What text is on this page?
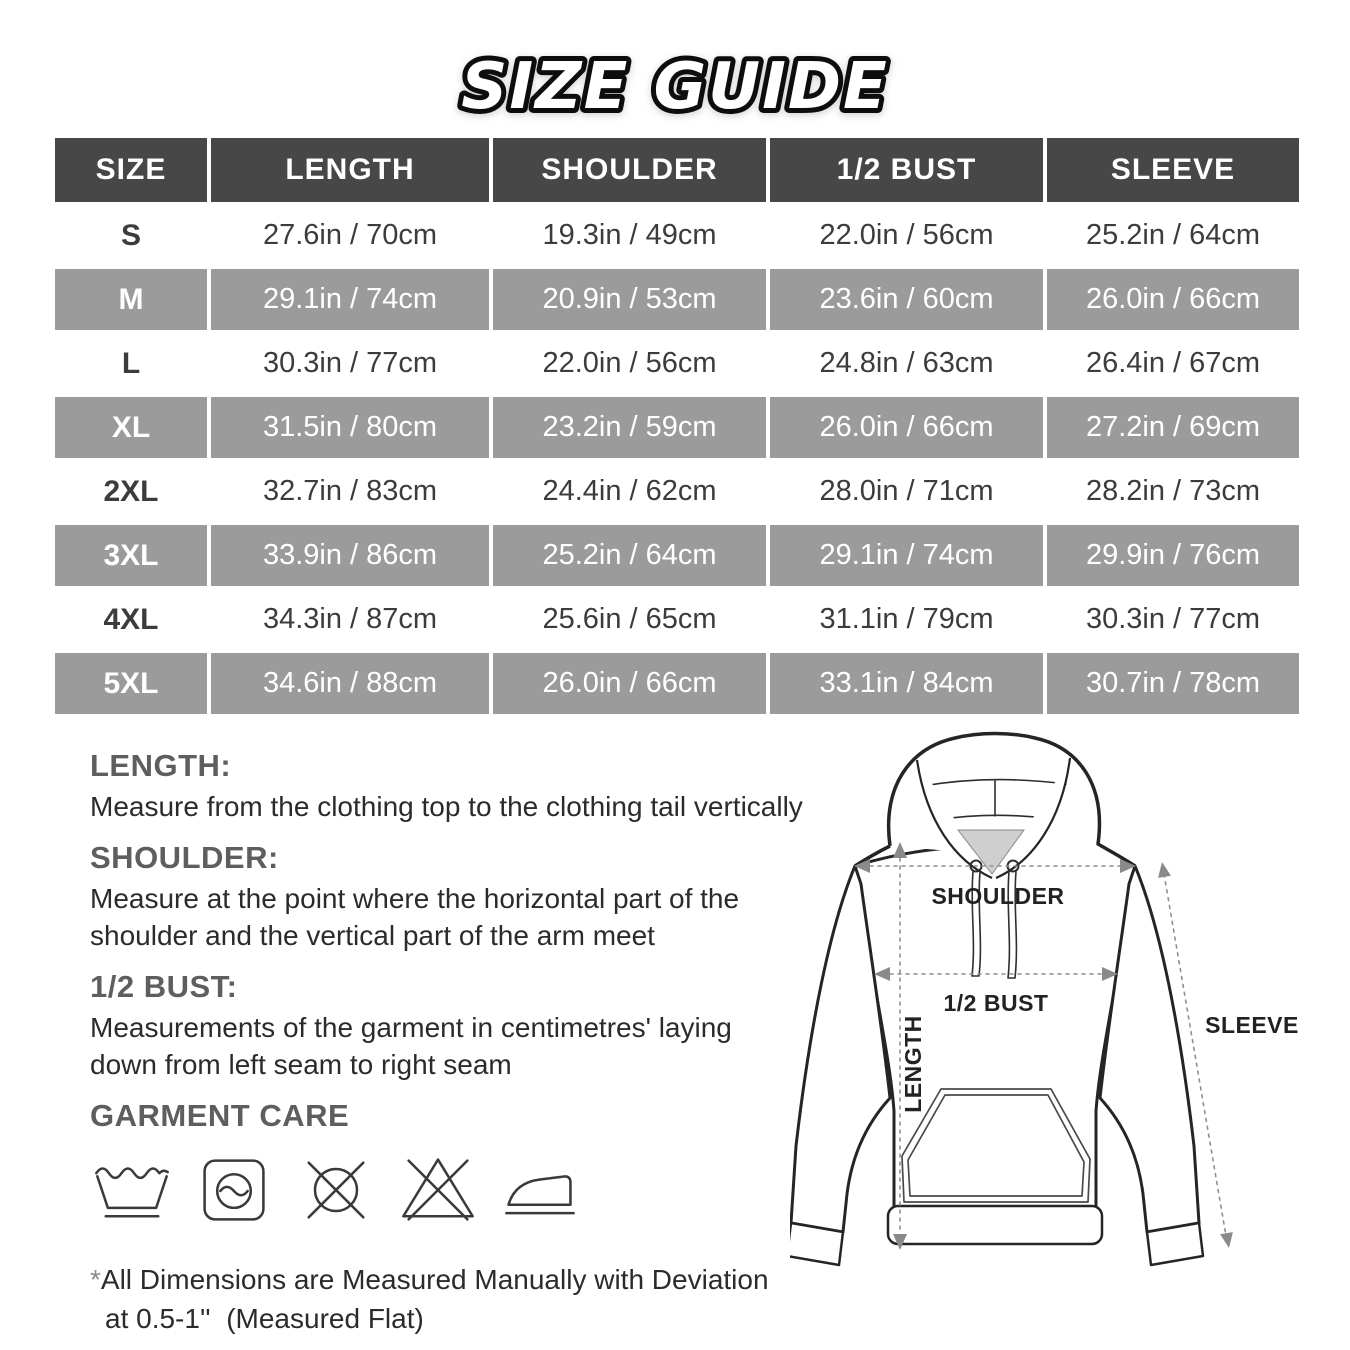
SIZE GUIDE
SIZE	LENGTH	SHOULDER	1/2 BUST	SLEEVE
S	27.6in / 70cm	19.3in / 49cm	22.0in / 56cm	25.2in / 64cm
M	29.1in / 74cm	20.9in / 53cm	23.6in / 60cm	26.0in / 66cm
L	30.3in / 77cm	22.0in / 56cm	24.8in / 63cm	26.4in / 67cm
XL	31.5in / 80cm	23.2in / 59cm	26.0in / 66cm	27.2in / 69cm
2XL	32.7in / 83cm	24.4in / 62cm	28.0in / 71cm	28.2in / 73cm
3XL	33.9in / 86cm	25.2in / 64cm	29.1in / 74cm	29.9in / 76cm
4XL	34.3in / 87cm	25.6in / 65cm	31.1in / 79cm	30.3in / 77cm
5XL	34.6in / 88cm	26.0in / 66cm	33.1in / 84cm	30.7in / 78cm

LENGTH:

Measure from the clothing top to the clothing tail vertically

SHOULDER:

Measure at the point where the horizontal part of the shoulder and the vertical part of the arm meet

1/2 BUST:

Measurements of the garment in centimetres' laying down from left seam to right seam

GARMENT CARE

*All Dimensions are Measured Manually with Deviation
at 0.5-1''  (Measured Flat)

SHOULDER
1/2 BUST
LENGTH	SLEEVE
